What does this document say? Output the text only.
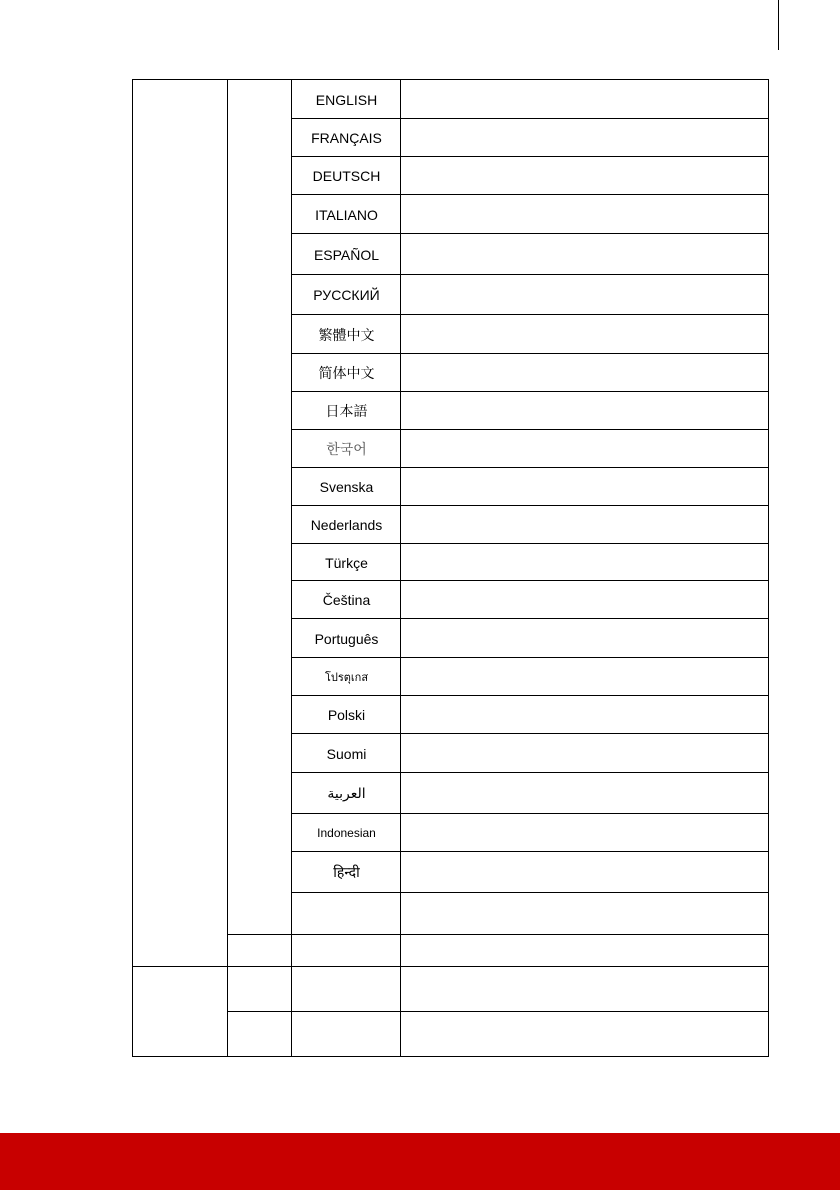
ENGLISH
FRANÇAIS
DEUTSCH
ITALIANO
ESPAÑOL
РУССКИЙ
繁體中文
简体中文
日本語
한국어
Svenska
Nederlands
Türkçe
Čeština
Português
โปรตุเกส
Polski
Suomi
العربية
Indonesian
हिन्दी
